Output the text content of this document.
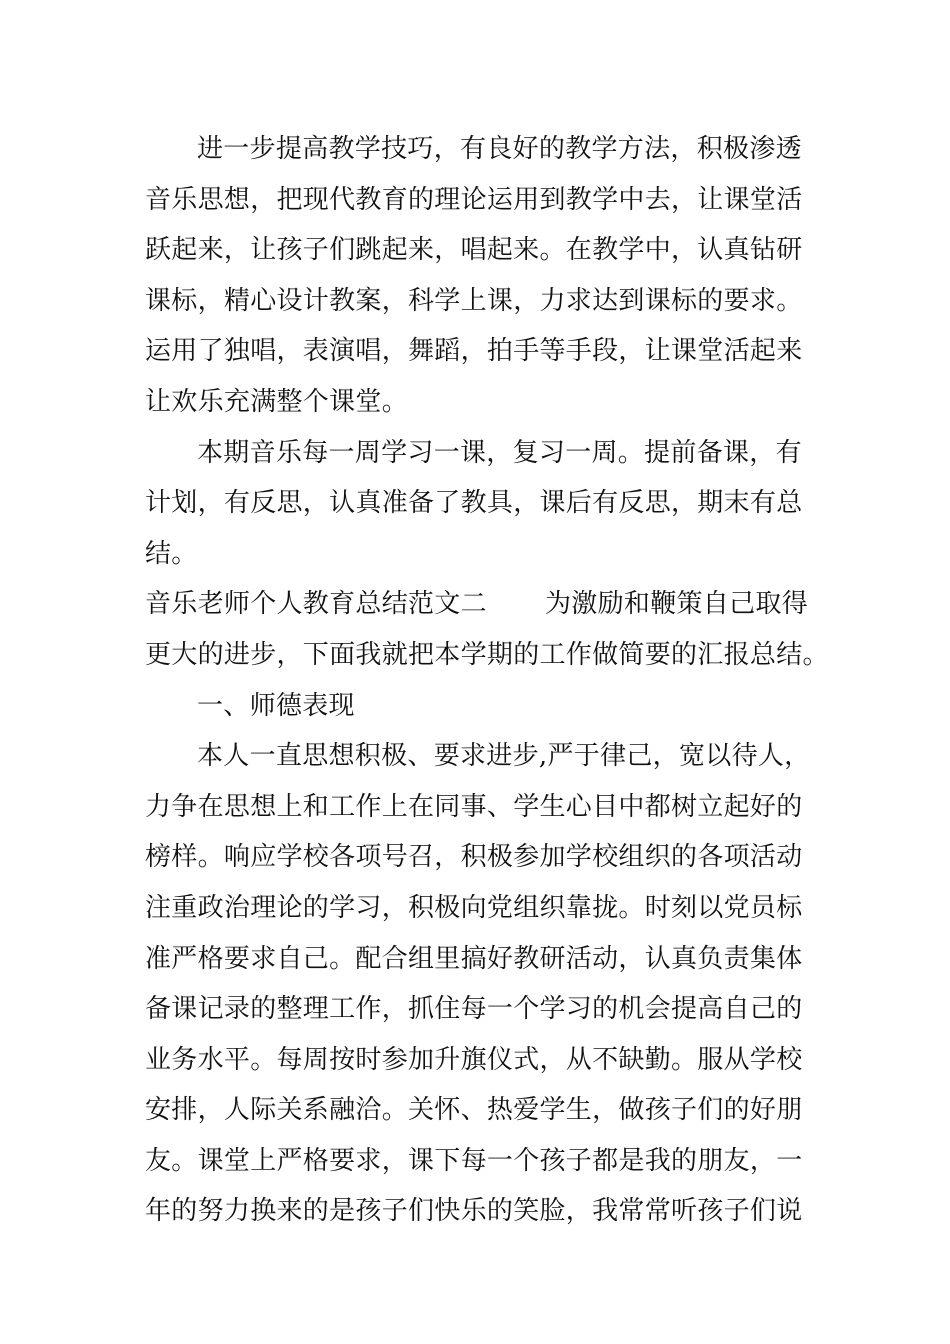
进一步提高教学技巧，有良好的教学方法，积极渗透
音乐思想，把现代教育的理论运用到教学中去，让课堂活
跃起来，让孩子们跳起来，唱起来。在教学中，认真钻研
课标，精心设计教案，科学上课，力求达到课标的要求。
运用了独唱，表演唱，舞蹈，拍手等手段，让课堂活起来
让欢乐充满整个课堂。
本期音乐每一周学习一课，复习一周。提前备课，有
计划，有反思，认真准备了教具，课后有反思，期末有总
结。
音乐老师个人教育总结范文二 为激励和鞭策自己取得
更大的进步，下面我就把本学期的工作做简要的汇报总结。
一、师德表现
本人一直思想积极、要求进步,严于律己，宽以待人，
力争在思想上和工作上在同事、学生心目中都树立起好的
榜样。响应学校各项号召，积极参加学校组织的各项活动
注重政治理论的学习，积极向党组织靠拢。时刻以党员标
准严格要求自己。配合组里搞好教研活动，认真负责集体
备课记录的整理工作，抓住每一个学习的机会提高自己的
业务水平。每周按时参加升旗仪式，从不缺勤。服从学校
安排，人际关系融洽。关怀、热爱学生，做孩子们的好朋
友。课堂上严格要求，课下每一个孩子都是我的朋友，一
年的努力换来的是孩子们快乐的笑脸，我常常听孩子们说
